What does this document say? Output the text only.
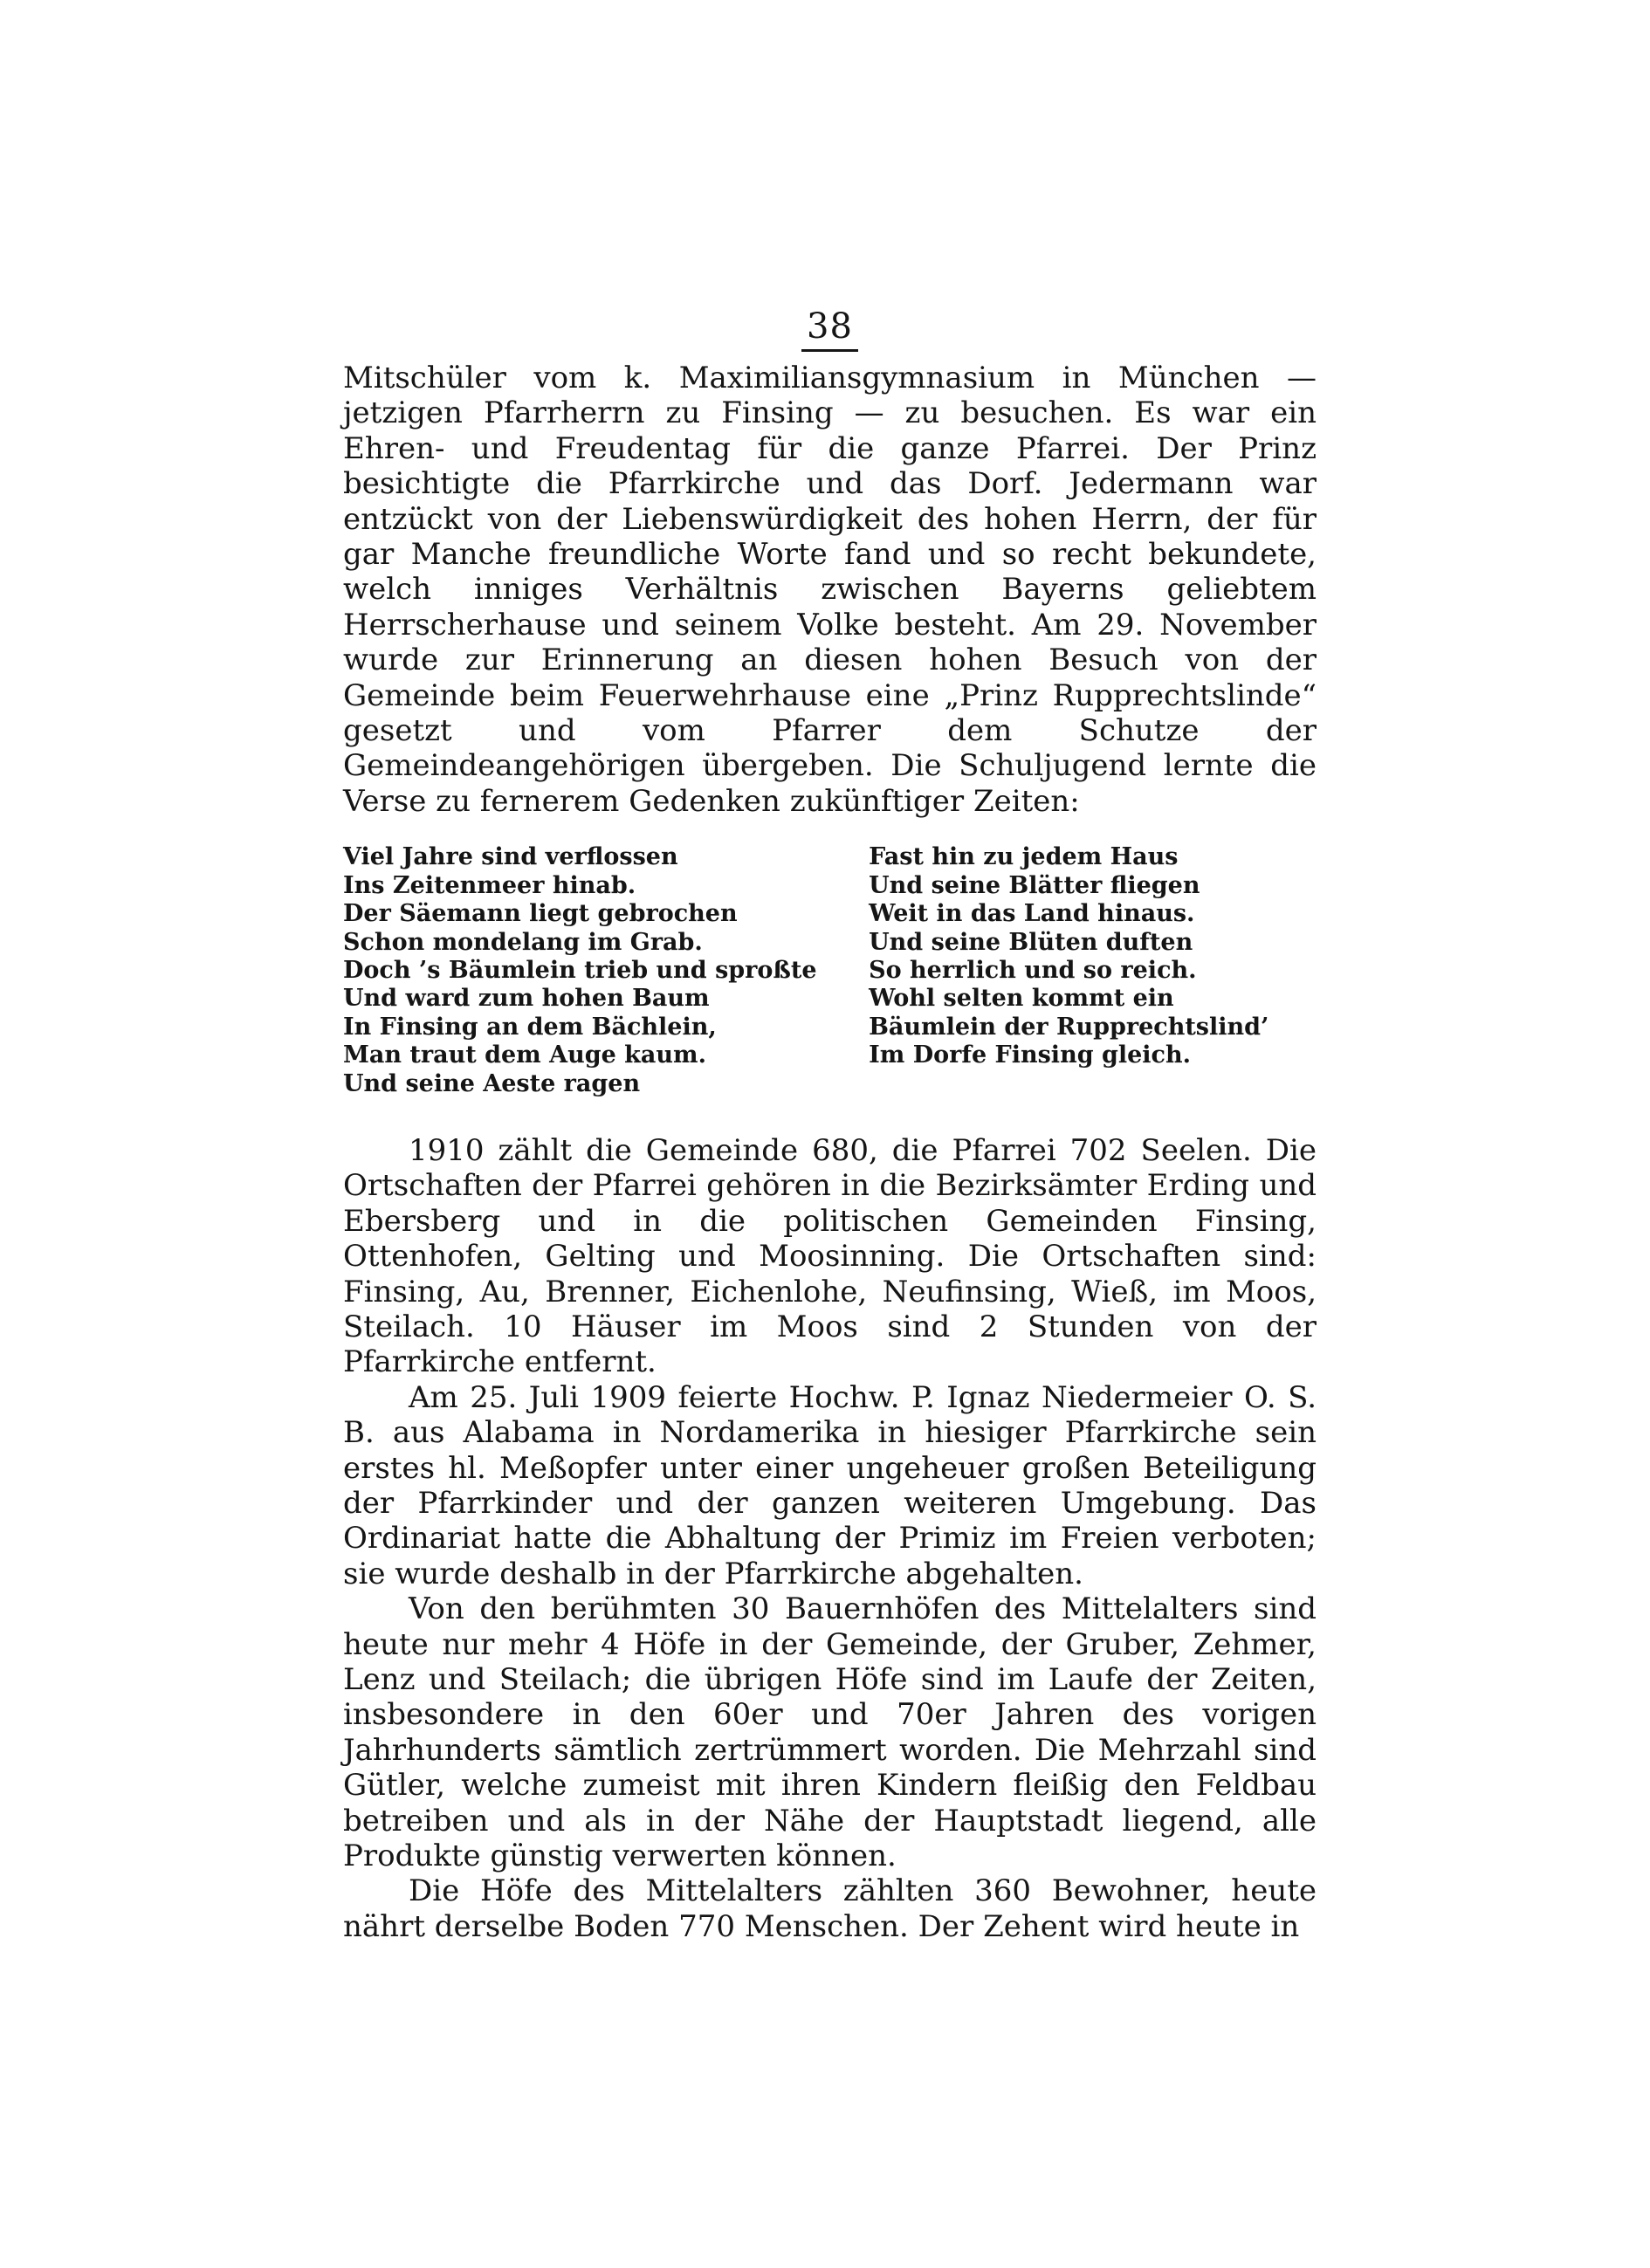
38

Mitschüler vom k. Maximiliansgymnasium in München — jetzigen Pfarrherrn zu Finsing — zu besuchen. Es war ein Ehren- und Freudentag für die ganze Pfarrei. Der Prinz besichtigte die Pfarrkirche und das Dorf. Jedermann war entzückt von der Liebenswürdigkeit des hohen Herrn, der für gar Manche freundliche Worte fand und so recht bekundete, welch inniges Verhältnis zwischen Bayerns geliebtem Herrscherhause und seinem Volke besteht. Am 29. November wurde zur Erinnerung an diesen hohen Besuch von der Gemeinde beim Feuerwehrhause eine „Prinz Rupprechtslinde“ gesetzt und vom Pfarrer dem Schutze der Gemeindeangehörigen übergeben. Die Schuljugend lernte die Verse zu fernerem Gedenken zukünftiger Zeiten:

Viel Jahre sind verflossen
Ins Zeitenmeer hinab.
Der Säemann liegt gebrochen
Schon mondelang im Grab.
Doch ’s Bäumlein trieb und sproßte
Und ward zum hohen Baum
In Finsing an dem Bächlein,
Man traut dem Auge kaum.
Und seine Aeste ragen
Fast hin zu jedem Haus
Und seine Blätter fliegen
Weit in das Land hinaus.
Und seine Blüten duften
So herrlich und so reich.
Wohl selten kommt ein
Bäumlein der Rupprechtslind’
Im Dorfe Finsing gleich.

1910 zählt die Gemeinde 680, die Pfarrei 702 Seelen. Die Ortschaften der Pfarrei gehören in die Bezirksämter Erding und Ebersberg und in die politischen Gemeinden Finsing, Ottenhofen, Gelting und Moosinning. Die Ortschaften sind: Finsing, Au, Brenner, Eichenlohe, Neufinsing, Wieß, im Moos, Steilach. 10 Häuser im Moos sind 2 Stunden von der Pfarrkirche entfernt.

Am 25. Juli 1909 feierte Hochw. P. Ignaz Niedermeier O. S. B. aus Alabama in Nordamerika in hiesiger Pfarrkirche sein erstes hl. Meßopfer unter einer ungeheuer großen Beteiligung der Pfarrkinder und der ganzen weiteren Umgebung. Das Ordinariat hatte die Abhaltung der Primiz im Freien verboten; sie wurde deshalb in der Pfarrkirche abgehalten.

Von den berühmten 30 Bauernhöfen des Mittelalters sind heute nur mehr 4 Höfe in der Gemeinde, der Gruber, Zehmer, Lenz und Steilach; die übrigen Höfe sind im Laufe der Zeiten, insbesondere in den 60er und 70er Jahren des vorigen Jahrhunderts sämtlich zertrümmert worden. Die Mehrzahl sind Gütler, welche zumeist mit ihren Kindern fleißig den Feldbau betreiben und als in der Nähe der Hauptstadt liegend, alle Produkte günstig verwerten können.

Die Höfe des Mittelalters zählten 360 Bewohner, heute nährt derselbe Boden 770 Menschen. Der Zehent wird heute in
